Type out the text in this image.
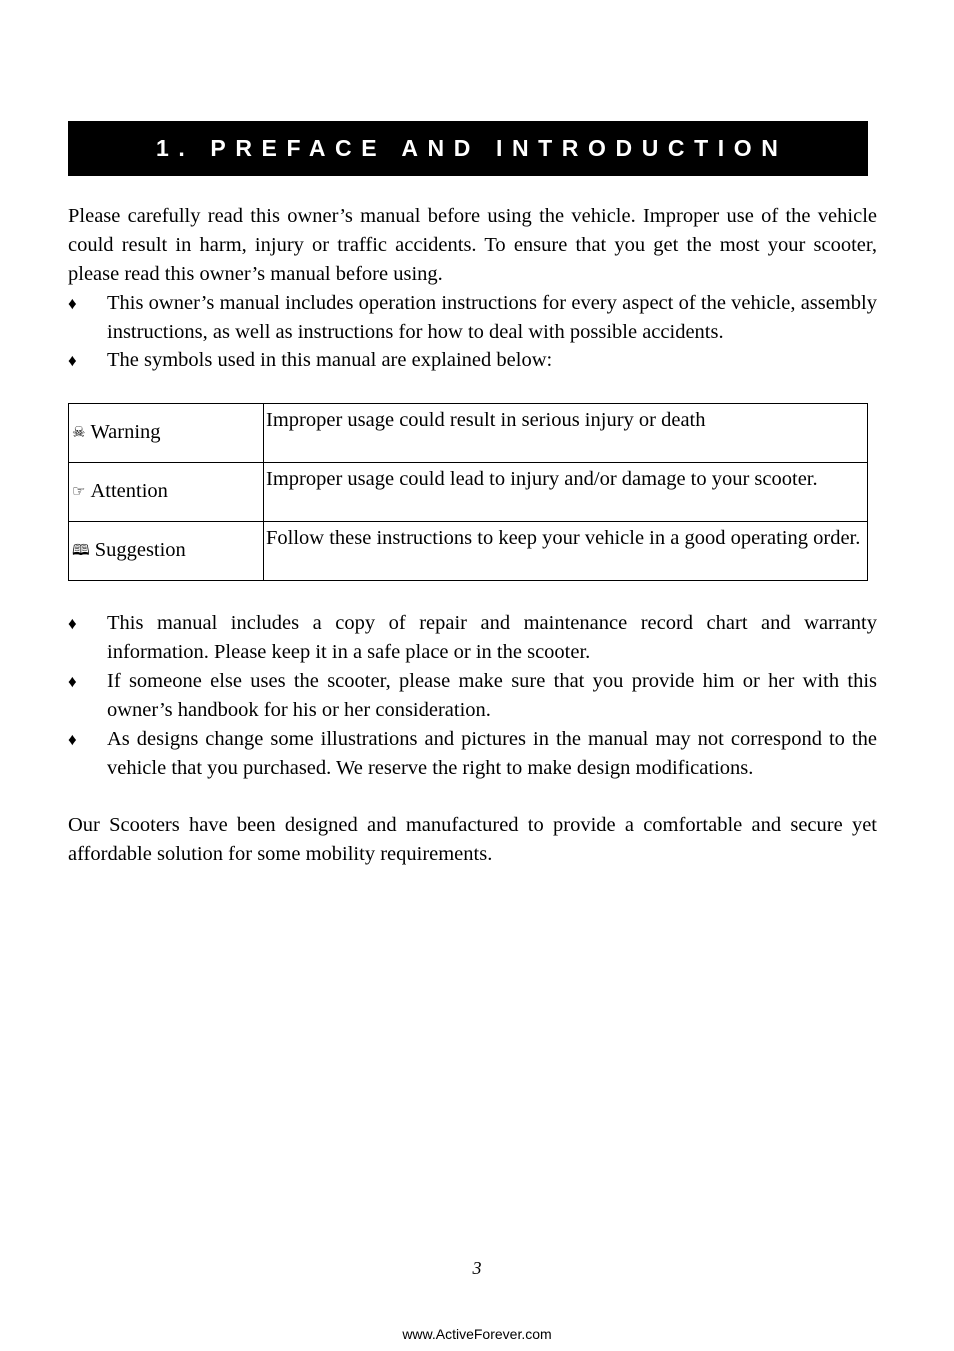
1. PREFACE AND INTRODUCTION
Please carefully read this owner’s manual before using the vehicle. Improper use of the vehicle could result in harm, injury or traffic accidents. To ensure that you get the most your scooter, please read this owner’s manual before using.
♦	This owner’s manual includes operation instructions for every aspect of the vehicle, assembly instructions, as well as instructions for how to deal with possible accidents.
♦	The symbols used in this manual are explained below:
☠ Warning	Improper usage could result in serious injury or death
☞ Attention	Improper usage could lead to injury and/or damage to your scooter.
🕮 Suggestion	Follow these instructions to keep your vehicle in a good operating order.
♦	This manual includes a copy of repair and maintenance record chart and warranty information. Please keep it in a safe place or in the scooter.
♦	If someone else uses the scooter, please make sure that you provide him or her with this owner’s handbook for his or her consideration.
♦	As designs change some illustrations and pictures in the manual may not correspond to the vehicle that you purchased. We reserve the right to make design modifications.
Our Scooters have been designed and manufactured to provide a comfortable and secure yet affordable solution for some mobility requirements.
3
www.ActiveForever.com
